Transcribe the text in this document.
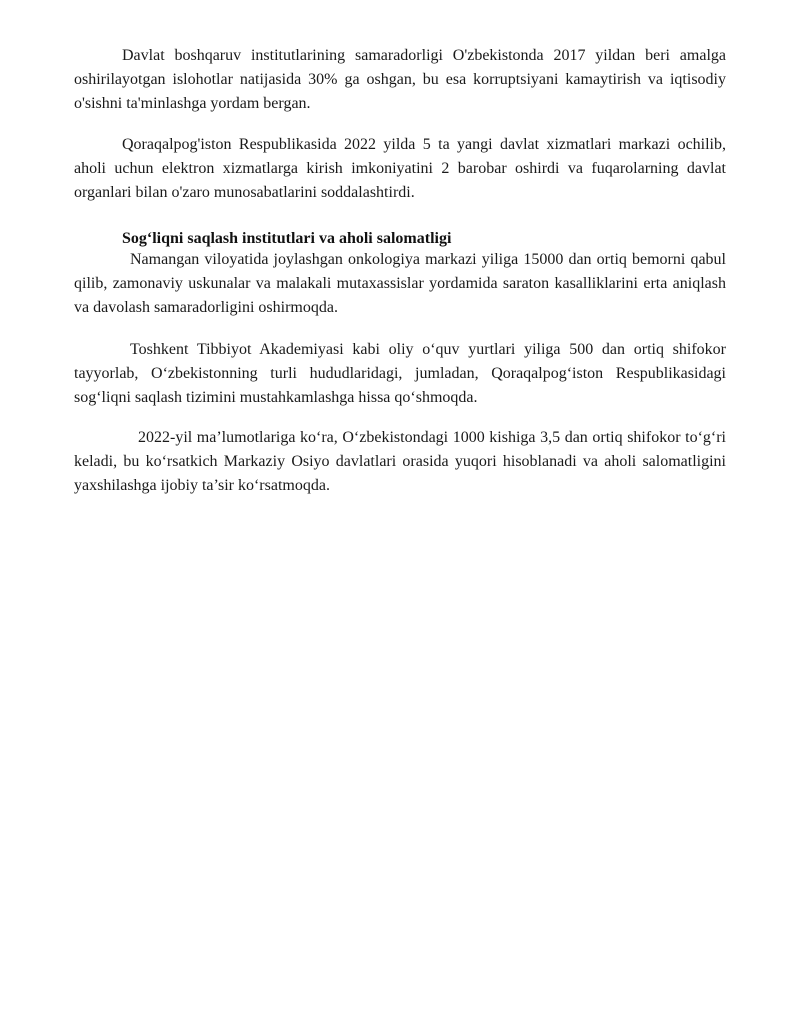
Davlat boshqaruv institutlarining samaradorligi O'zbekistonda 2017 yildan beri amalga oshirilayotgan islohotlar natijasida 30% ga oshgan, bu esa korruptsiyani kamaytirish va iqtisodiy o'sishni ta'minlashga yordam bergan.

Qoraqalpog'iston Respublikasida 2022 yilda 5 ta yangi davlat xizmatlari markazi ochilib, aholi uchun elektron xizmatlarga kirish imkoniyatini 2 barobar oshirdi va fuqarolarning davlat organlari bilan o'zaro munosabatlarini soddalashtirdi.

Sog‘liqni saqlash institutlari va aholi salomatligi

Namangan viloyatida joylashgan onkologiya markazi yiliga 15000 dan ortiq bemorni qabul qilib, zamonaviy uskunalar va malakali mutaxassislar yordamida saraton kasalliklarini erta aniqlash va davolash samaradorligini oshirmoqda.

Toshkent Tibbiyot Akademiyasi kabi oliy o‘quv yurtlari yiliga 500 dan ortiq shifokor tayyorlab, O‘zbekistonning turli hududlaridagi, jumladan, Qoraqalpog‘iston Respublikasidagi sog‘liqni saqlash tizimini mustahkamlashga hissa qo‘shmoqda.

2022-yil ma’lumotlariga ko‘ra, O‘zbekistondagi 1000 kishiga 3,5 dan ortiq shifokor to‘g‘ri keladi, bu ko‘rsatkich Markaziy Osiyo davlatlari orasida yuqori hisoblanadi va aholi salomatligini yaxshilashga ijobiy ta’sir ko‘rsatmoqda.
